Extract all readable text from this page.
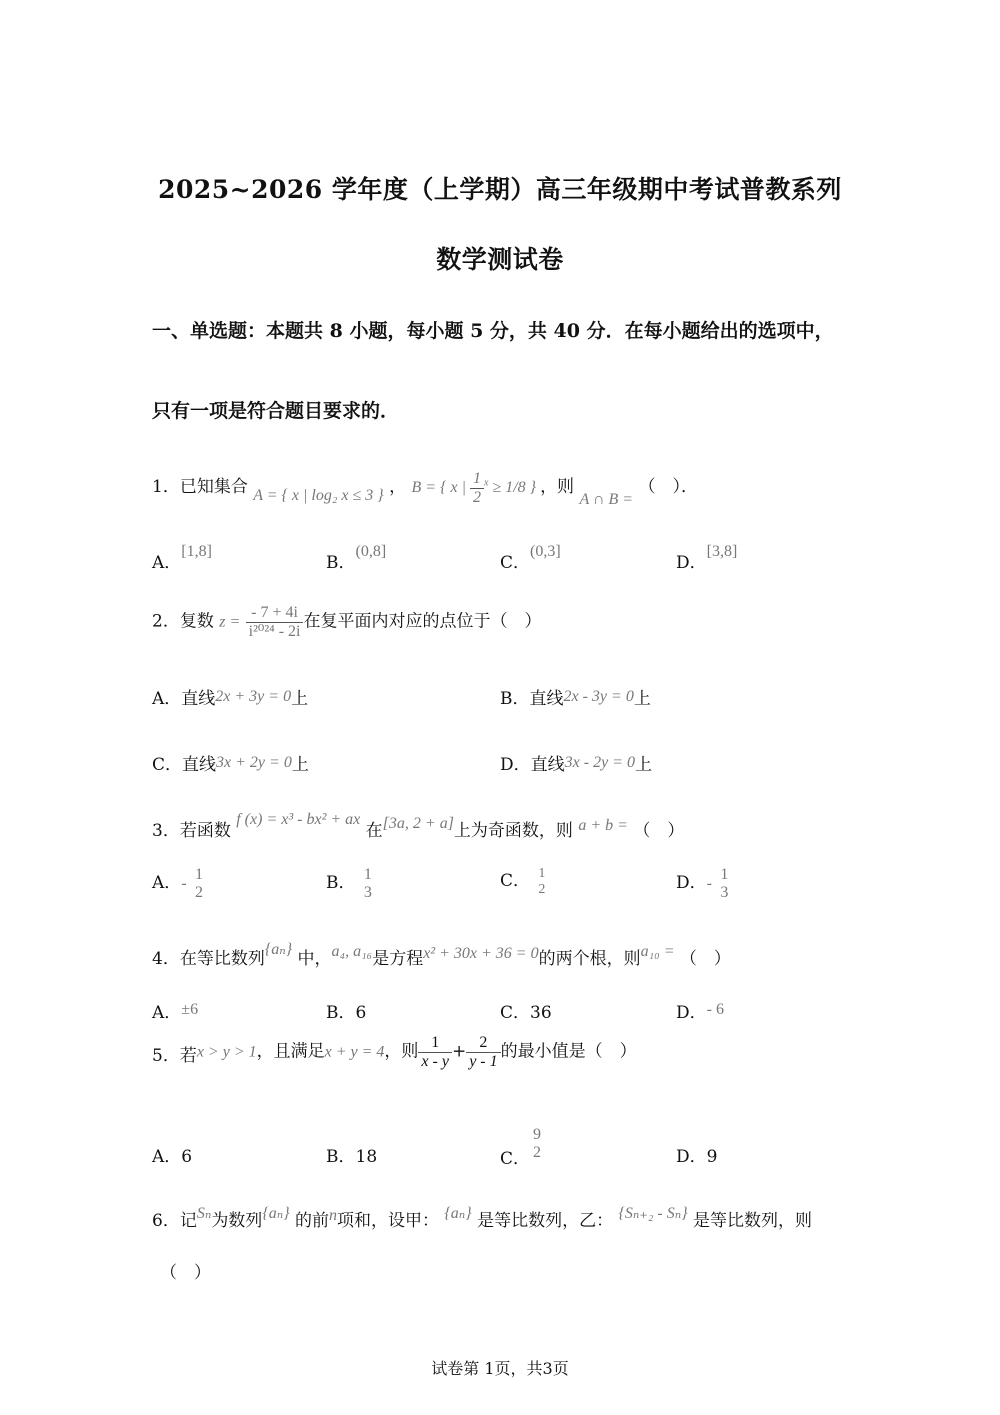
2025~2026 学年度（上学期）高三年级期中考试普教系列
数学测试卷
一、单选题：本题共 8 小题，每小题 5 分，共 40 分．在每小题给出的选项中，
只有一项是符合题目要求的．
1．已知集合 A = { x | log₂ x ≤ 3 } ， B = { x | $\frac{1}{2} ^x \ge 1/8$ } ，则 A ∩ B = （　）．
A．[1,8]
B．(0,8]
C．(0,3]
D．[3,8]
2．复数 $z = \frac{- 7 + 4i}{\text{i²⁰²⁴ - 2i}}$ 在复平面内对应的点位于（　）
A．直线2x + 3y = 0上	B．直线2x - 3y = 0上
C．直线3x + 2y = 0上	D．直线3x - 2y = 0上
3．若函数 f (x) = x³ - bx² + ax 在[3a, 2 + a]上为奇函数，则 a + b = （　）
A．-
1
2	B． 1
3
C． 1
2	D．-
1
3
4．在等比数列{aₙ} 中，a₄, a₁₆是方程x² + 30x + 36 = 0的两个根，则a₁₀ = （　）
A．±6	B．6	C．36	D．- 6
5．若x > y > 1，且满足x + y = 4，则 $\frac{1}{x - y} + \frac{2}{y - 1}$ 的最小值是（　）
A．6	B．18	C．
9
2	D．9
6．记Sₙ为数列{aₙ} 的前n项和，设甲： {aₙ} 是等比数列，乙： {Sₙ₊₂ - Sₙ} 是等比数列，则
（　）
试卷第 1页，共3页
